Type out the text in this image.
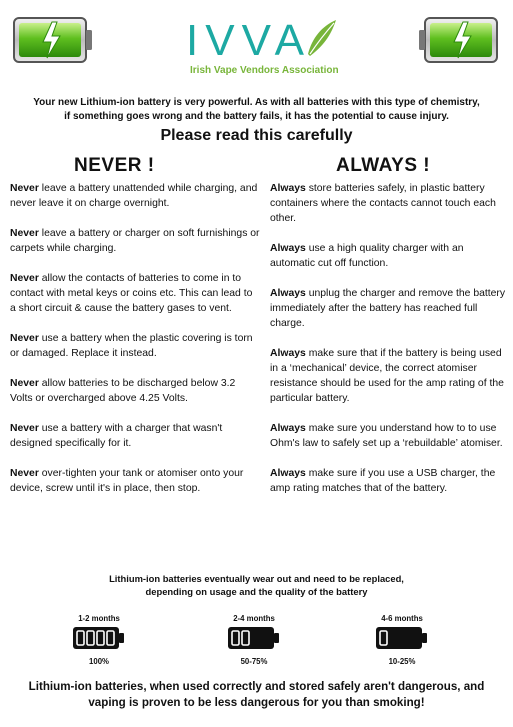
IVVA
Irish Vape Vendors Association
Your new Lithium-ion battery is very powerful. As with all batteries with this type of chemistry,
if something goes wrong and the battery fails, it has the potential to cause injury.
Please read this carefully
NEVER !	ALWAYS !
Never leave a battery unattended while charging, and never leave it on charge overnight.
Never leave a battery or charger on soft furnishings or carpets while charging.
Never allow the contacts of batteries to come in to contact with metal keys or coins etc. This can lead to a short circuit & cause the battery gases to vent.
Never use a battery when the plastic covering is torn or damaged. Replace it instead.
Never allow batteries to be discharged below 3.2 Volts or overcharged above 4.25 Volts.
Never use a battery with a charger that wasn't designed specifically for it.
Never over-tighten your tank or atomiser onto your device, screw until it's in place, then stop.
Always store batteries safely, in plastic battery containers where the contacts cannot touch each other.
Always use a high quality charger with an automatic cut off function.
Always unplug the charger and remove the battery immediately after the battery has reached full charge.
Always make sure that if the battery is being used in a ‘mechanical’ device, the correct atomiser resistance should be used for the amp rating of the particular battery.
Always make sure you understand how to to use Ohm's law to safely set up a ‘rebuildable’ atomiser.
Always make sure if you use a USB charger, the amp rating matches that of the battery.
Lithium-ion batteries eventually wear out and need to be replaced,
depending on usage and the quality of the battery
1-2 months
100%
2-4 months
50-75%
4-6 months
10-25%
Lithium-ion batteries, when used correctly and stored safely aren't dangerous, and
vaping is proven to be less dangerous for you than smoking!
